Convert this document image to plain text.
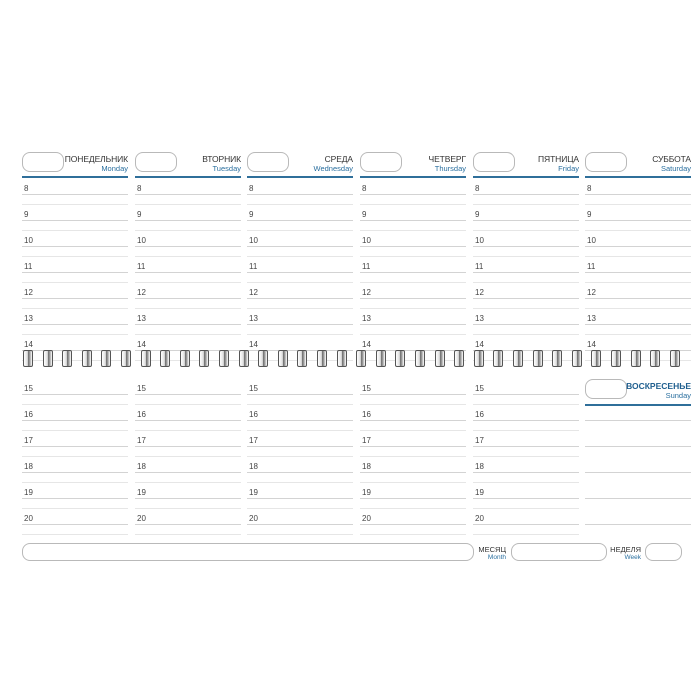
ПОНЕДЕЛЬНИК
Monday
8
9
10
11
12
13
14
15
16
17
18
19
20
ВТОРНИК
Tuesday
8
9
10
11
12
13
14
15
16
17
18
19
20
СРЕДА
Wednesday
8
9
10
11
12
13
14
15
16
17
18
19
20
ЧЕТВЕРГ
Thursday
8
9
10
11
12
13
14
15
16
17
18
19
20
ПЯТНИЦА
Friday
8
9
10
11
12
13
14
15
16
17
18
19
20
СУББОТА
Saturday
8
9
10
11
12
13
14
ВОСКРЕСЕНЬЕ
Sunday
МЕСЯЦ
Month
НЕДЕЛЯ
Week
